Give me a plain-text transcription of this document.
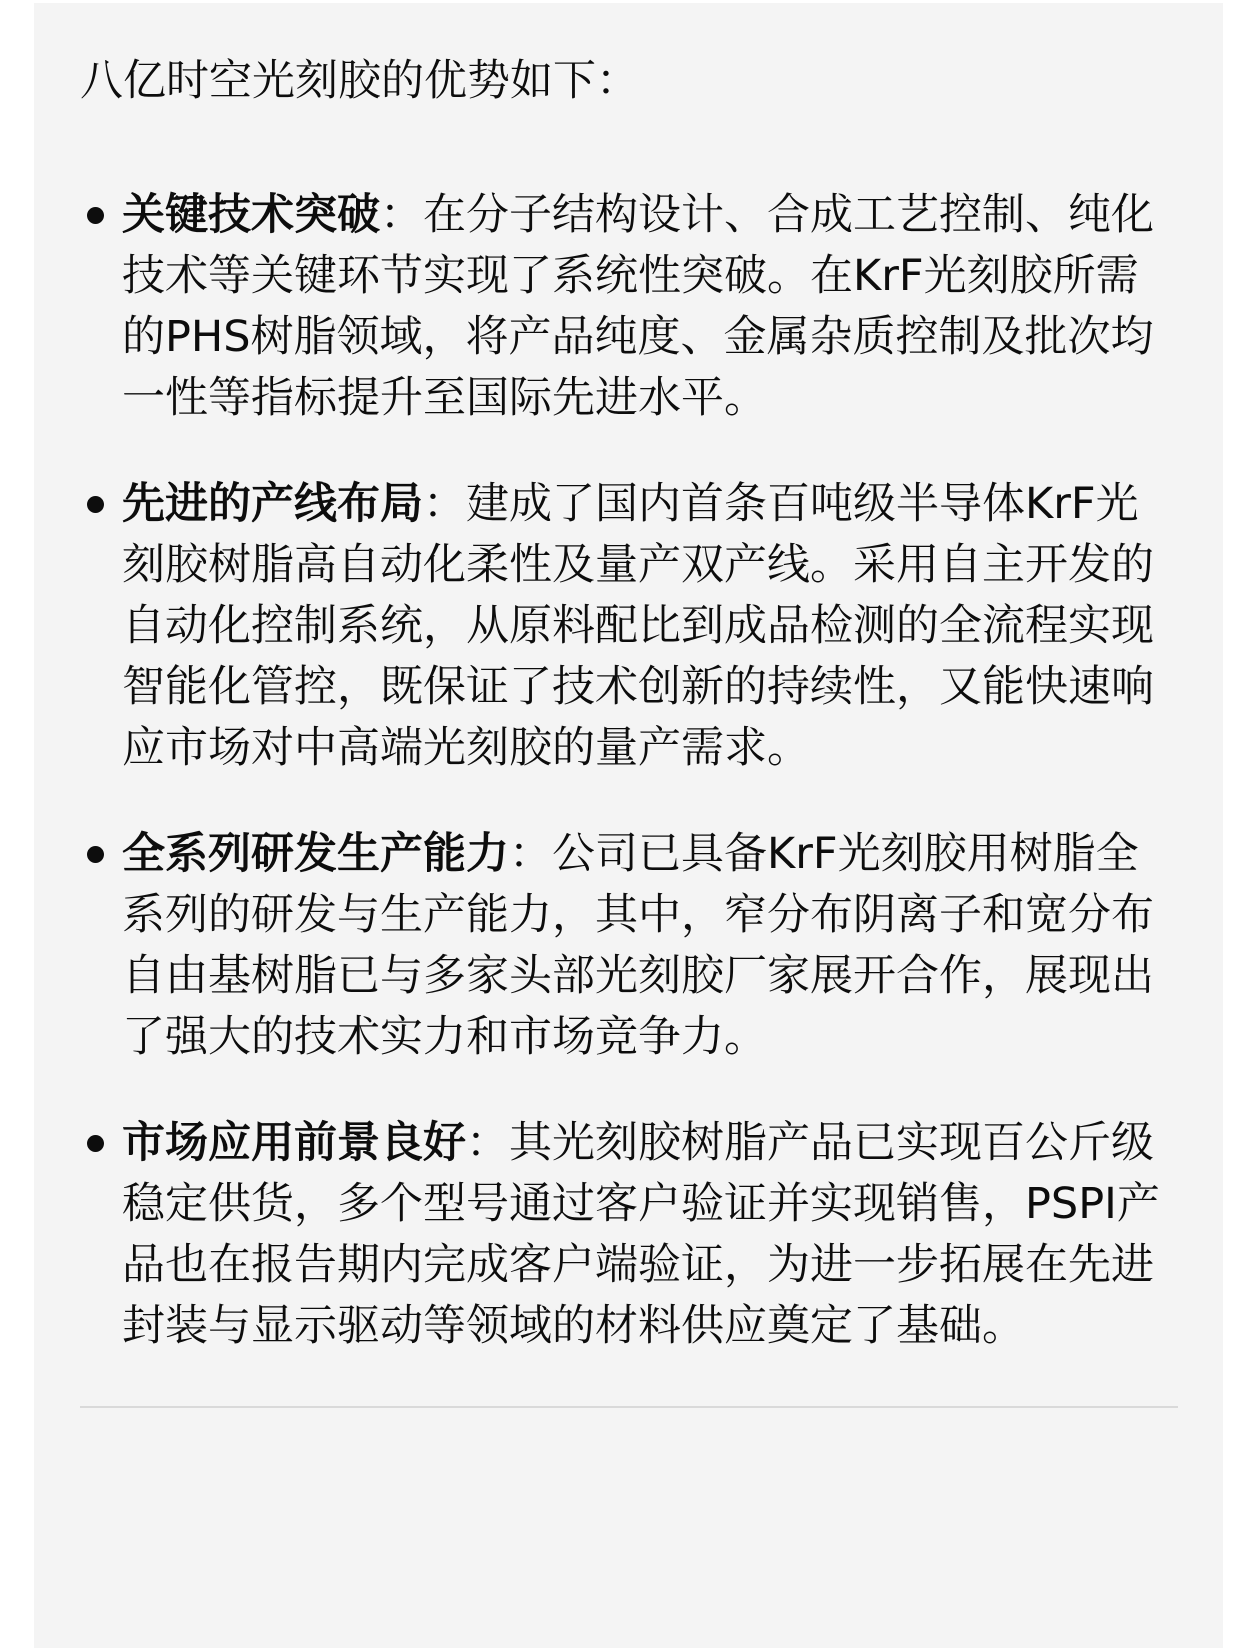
八亿时空光刻胶的优势如下：
关键技术突破：在分子结构设计、合成工艺控制、纯化技术等关键环节实现了系统性突破。在KrF光刻胶所需的PHS树脂领域，将产品纯度、金属杂质控制及批次均一性等指标提升至国际先进水平。
先进的产线布局：建成了国内首条百吨级半导体KrF光刻胶树脂高自动化柔性及量产双产线。采用自主开发的自动化控制系统，从原料配比到成品检测的全流程实现智能化管控，既保证了技术创新的持续性，又能快速响应市场对中高端光刻胶的量产需求。
全系列研发生产能力：公司已具备KrF光刻胶用树脂全系列的研发与生产能力，其中，窄分布阴离子和宽分布自由基树脂已与多家头部光刻胶厂家展开合作，展现出了强大的技术实力和市场竞争力。
市场应用前景良好：其光刻胶树脂产品已实现百公斤级稳定供货，多个型号通过客户验证并实现销售，PSPI产品也在报告期内完成客户端验证，为进一步拓展在先进封装与显示驱动等领域的材料供应奠定了基础。
